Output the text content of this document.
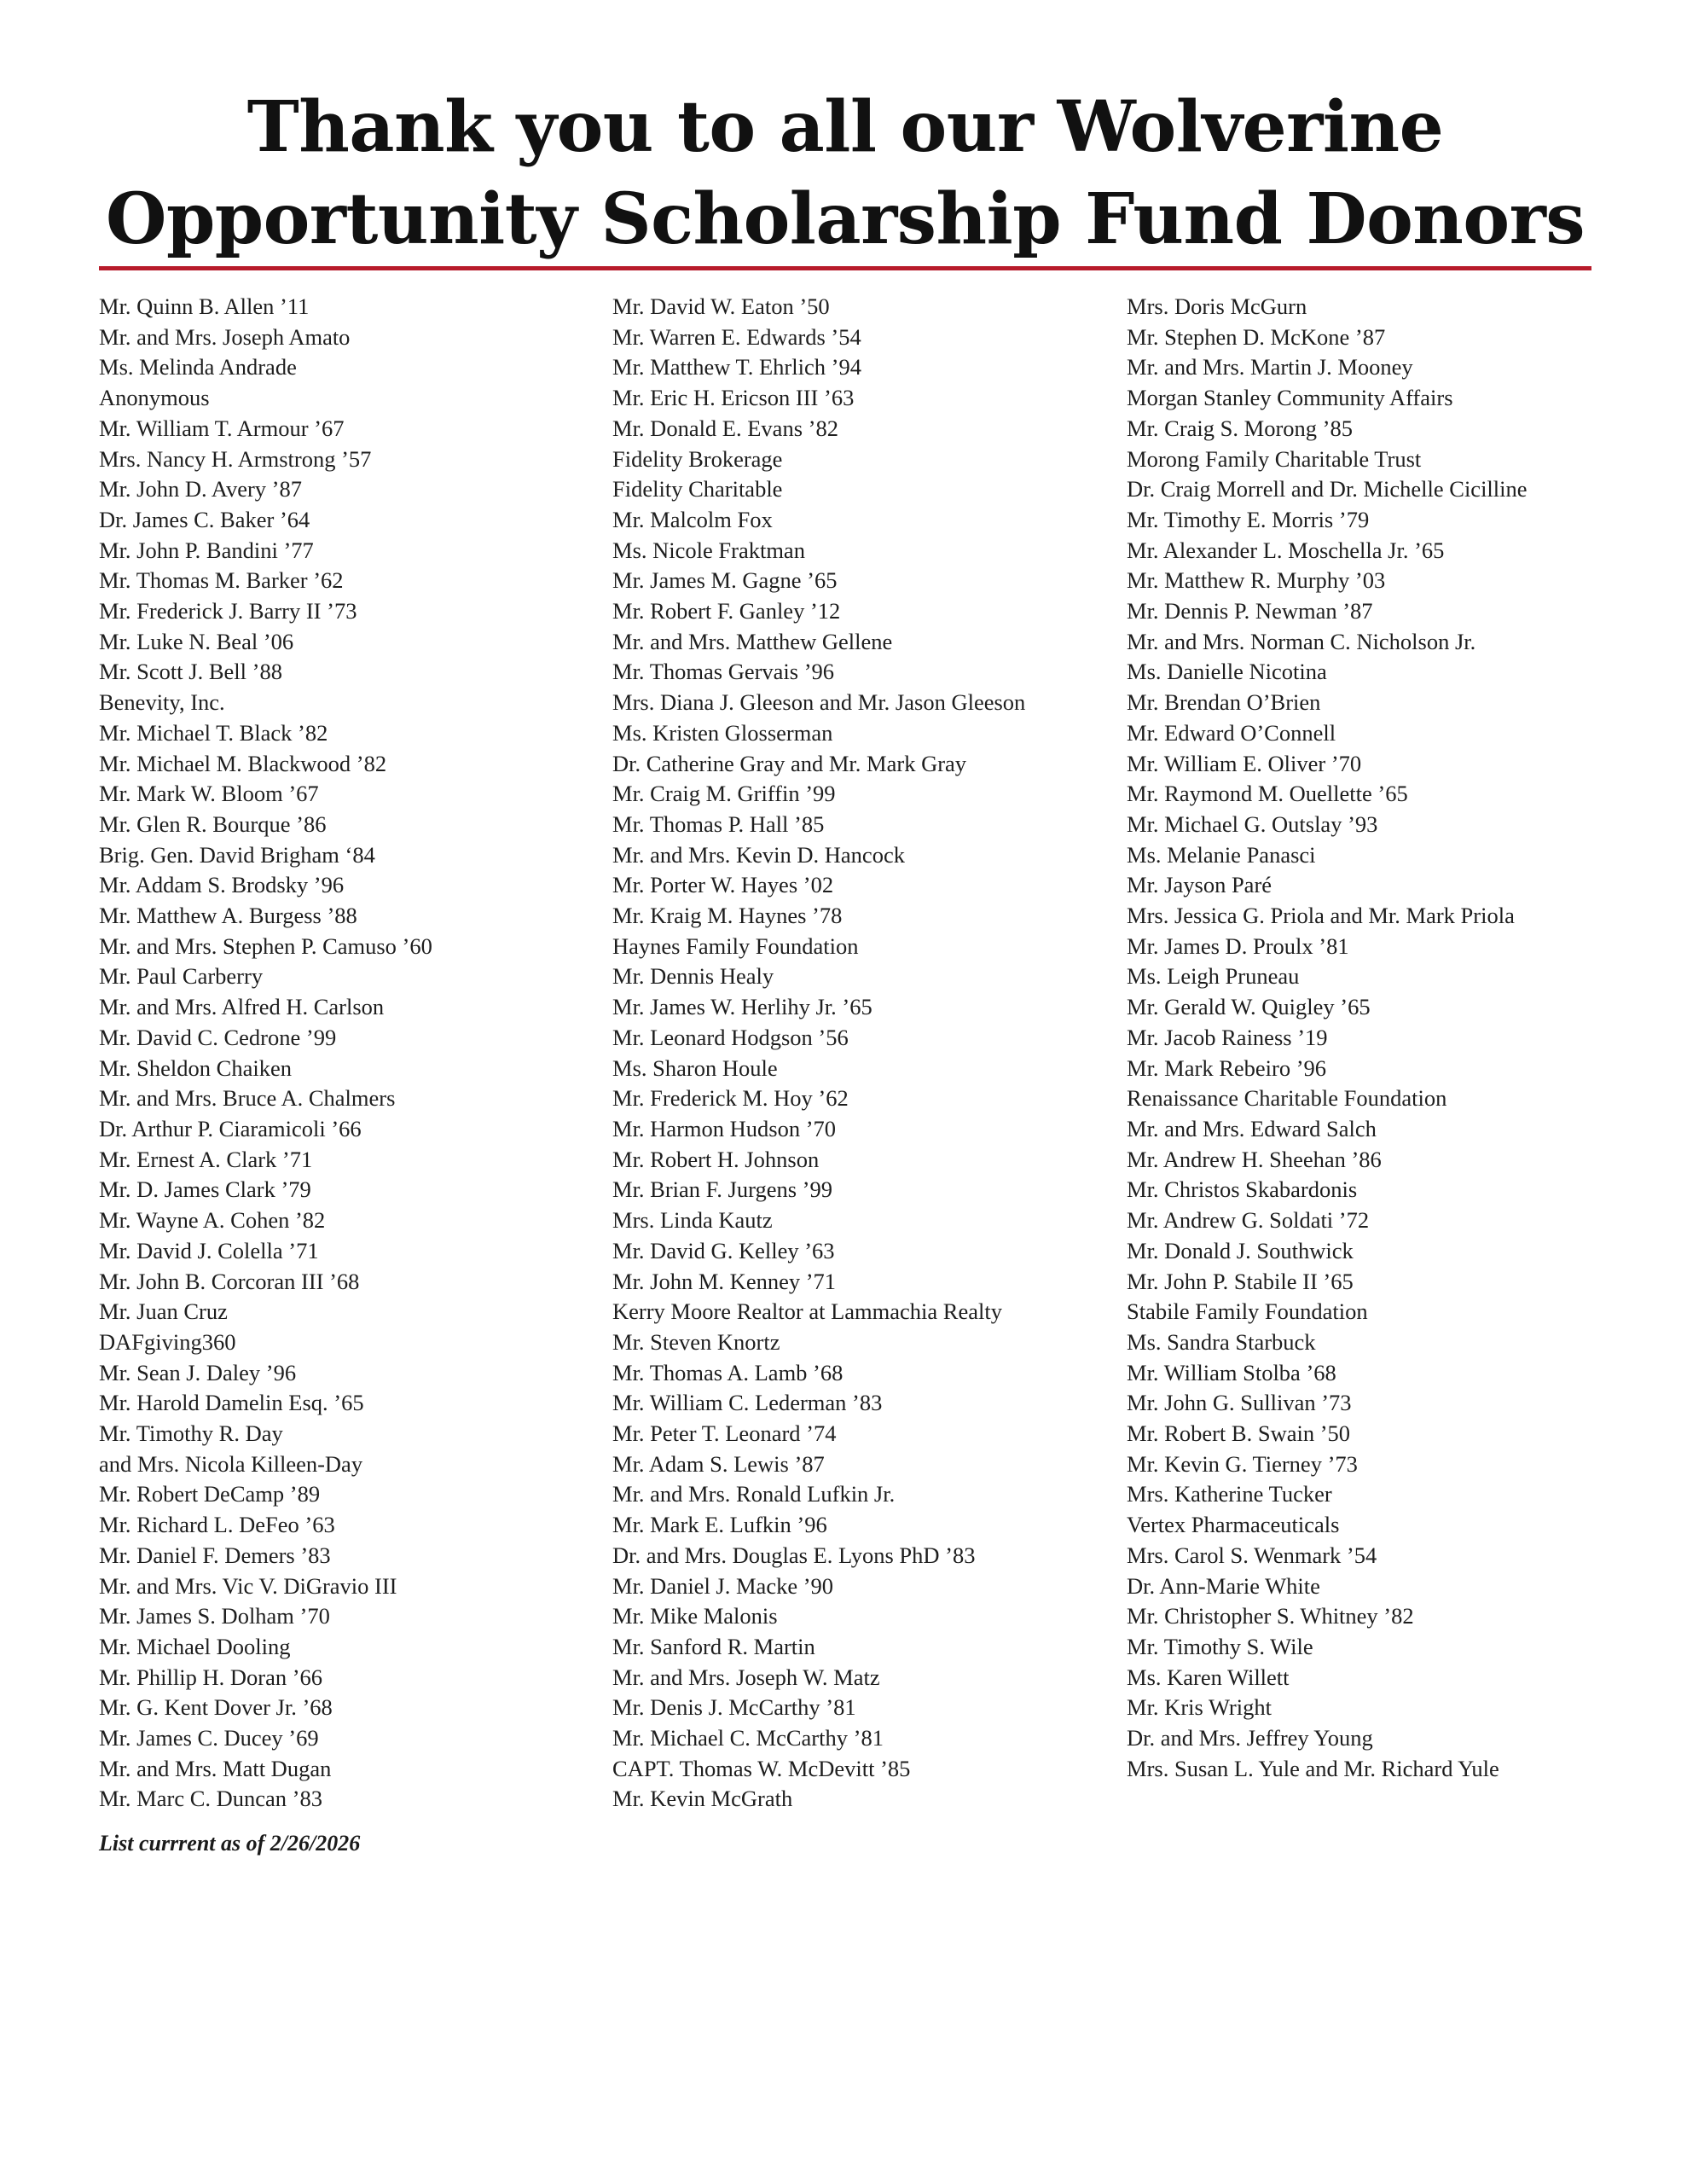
Thank you to all our Wolverine
Opportunity Scholarship Fund Donors
Mr. Quinn B. Allen ’11
Mr. and Mrs. Joseph Amato
Ms. Melinda Andrade
Anonymous
Mr. William T. Armour ’67
Mrs. Nancy H. Armstrong ’57
Mr. John D. Avery ’87
Dr. James C. Baker ’64
Mr. John P. Bandini ’77
Mr. Thomas M. Barker ’62
Mr. Frederick J. Barry II ’73
Mr. Luke N. Beal ’06
Mr. Scott J. Bell ’88
Benevity, Inc.
Mr. Michael T. Black ’82
Mr. Michael M. Blackwood ’82
Mr. Mark W. Bloom ’67
Mr. Glen R. Bourque ’86
Brig. Gen. David Brigham ‘84
Mr. Addam S. Brodsky ’96
Mr. Matthew A. Burgess ’88
Mr. and Mrs. Stephen P. Camuso ’60
Mr. Paul Carberry
Mr. and Mrs. Alfred H. Carlson
Mr. David C. Cedrone ’99
Mr. Sheldon Chaiken
Mr. and Mrs. Bruce A. Chalmers
Dr. Arthur P. Ciaramicoli ’66
Mr. Ernest A. Clark ’71
Mr. D. James Clark ’79
Mr. Wayne A. Cohen ’82
Mr. David J. Colella ’71
Mr. John B. Corcoran III ’68
Mr. Juan Cruz
DAFgiving360
Mr. Sean J. Daley ’96
Mr. Harold Damelin Esq. ’65
Mr. Timothy R. Day
and Mrs. Nicola Killeen-Day
Mr. Robert DeCamp ’89
Mr. Richard L. DeFeo ’63
Mr. Daniel F. Demers ’83
Mr. and Mrs. Vic V. DiGravio III
Mr. James S. Dolham ’70
Mr. Michael Dooling
Mr. Phillip H. Doran ’66
Mr. G. Kent Dover Jr. ’68
Mr. James C. Ducey ’69
Mr. and Mrs. Matt Dugan
Mr. Marc C. Duncan ’83
Mr. David W. Eaton ’50
Mr. Warren E. Edwards ’54
Mr. Matthew T. Ehrlich ’94
Mr. Eric H. Ericson III ’63
Mr. Donald E. Evans ’82
Fidelity Brokerage
Fidelity Charitable
Mr. Malcolm Fox
Ms. Nicole Fraktman
Mr. James M. Gagne ’65
Mr. Robert F. Ganley ’12
Mr. and Mrs. Matthew Gellene
Mr. Thomas Gervais ’96
Mrs. Diana J. Gleeson and Mr. Jason Gleeson
Ms. Kristen Glosserman
Dr. Catherine Gray and Mr. Mark Gray
Mr. Craig M. Griffin ’99
Mr. Thomas P. Hall ’85
Mr. and Mrs. Kevin D. Hancock
Mr. Porter W. Hayes ’02
Mr. Kraig M. Haynes ’78
Haynes Family Foundation
Mr. Dennis Healy
Mr. James W. Herlihy Jr. ’65
Mr. Leonard Hodgson ’56
Ms. Sharon Houle
Mr. Frederick M. Hoy ’62
Mr. Harmon Hudson ’70
Mr. Robert H. Johnson
Mr. Brian F. Jurgens ’99
Mrs. Linda Kautz
Mr. David G. Kelley ’63
Mr. John M. Kenney ’71
Kerry Moore Realtor at Lammachia Realty
Mr. Steven Knortz
Mr. Thomas A. Lamb ’68
Mr. William C. Lederman ’83
Mr. Peter T. Leonard ’74
Mr. Adam S. Lewis ’87
Mr. and Mrs. Ronald Lufkin Jr.
Mr. Mark E. Lufkin ’96
Dr. and Mrs. Douglas E. Lyons PhD ’83
Mr. Daniel J. Macke ’90
Mr. Mike Malonis
Mr. Sanford R. Martin
Mr. and Mrs. Joseph W. Matz
Mr. Denis J. McCarthy ’81
Mr. Michael C. McCarthy ’81
CAPT. Thomas W. McDevitt ’85
Mr. Kevin McGrath
Mrs. Doris McGurn
Mr. Stephen D. McKone ’87
Mr. and Mrs. Martin J. Mooney
Morgan Stanley Community Affairs
Mr. Craig S. Morong ’85
Morong Family Charitable Trust
Dr. Craig Morrell and Dr. Michelle Cicilline
Mr. Timothy E. Morris ’79
Mr. Alexander L. Moschella Jr. ’65
Mr. Matthew R. Murphy ’03
Mr. Dennis P. Newman ’87
Mr. and Mrs. Norman C. Nicholson Jr.
Ms. Danielle Nicotina
Mr. Brendan O’Brien
Mr. Edward O’Connell
Mr. William E. Oliver ’70
Mr. Raymond M. Ouellette ’65
Mr. Michael G. Outslay ’93
Ms. Melanie Panasci
Mr. Jayson Paré
Mrs. Jessica G. Priola and Mr. Mark Priola
Mr. James D. Proulx ’81
Ms. Leigh Pruneau
Mr. Gerald W. Quigley ’65
Mr. Jacob Rainess ’19
Mr. Mark Rebeiro ’96
Renaissance Charitable Foundation
Mr. and Mrs. Edward Salch
Mr. Andrew H. Sheehan ’86
Mr. Christos Skabardonis
Mr. Andrew G. Soldati ’72
Mr. Donald J. Southwick
Mr. John P. Stabile II ’65
Stabile Family Foundation
Ms. Sandra Starbuck
Mr. William Stolba ’68
Mr. John G. Sullivan ’73
Mr. Robert B. Swain ’50
Mr. Kevin G. Tierney ’73
Mrs. Katherine Tucker
Vertex Pharmaceuticals
Mrs. Carol S. Wenmark ’54
Dr. Ann-Marie White
Mr. Christopher S. Whitney ’82
Mr. Timothy S. Wile
Ms. Karen Willett
Mr. Kris Wright
Dr. and Mrs. Jeffrey Young
Mrs. Susan L. Yule and Mr. Richard Yule

List currrent as of 2/26/2026
